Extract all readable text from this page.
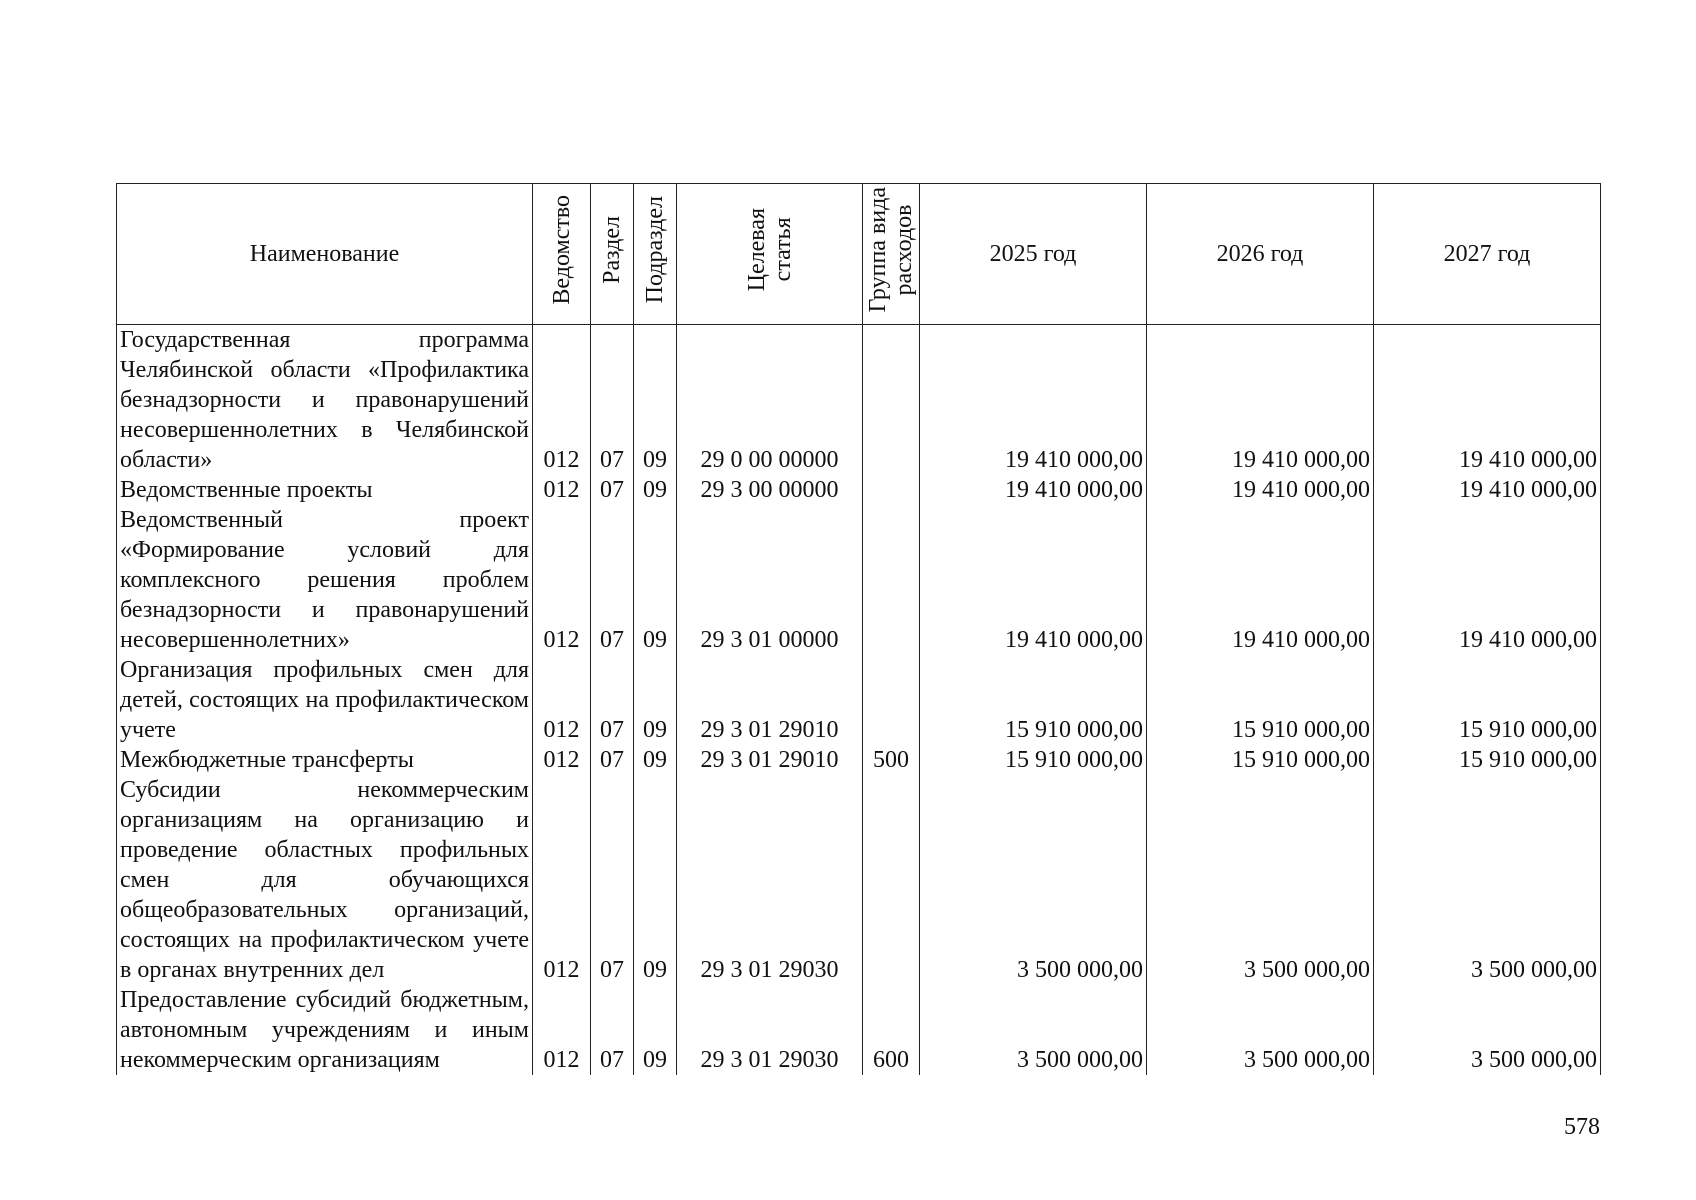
Наименование	Ведомство	Раздел	Подраздел	Целевая статья	Группа вида расходов	2025 год	2026 год	2027 год
Государственная программа Челябинской области «Профилактика безнадзорности и правонарушений несовершеннолетних в Челябинской области»	012	07	09	29 0 00 00000		19 410 000,00	19 410 000,00	19 410 000,00
Ведомственные проекты	012	07	09	29 3 00 00000		19 410 000,00	19 410 000,00	19 410 000,00
Ведомственный проект «Формирование условий для комплексного решения проблем безнадзорности и правонарушений несовершеннолетних»	012	07	09	29 3 01 00000		19 410 000,00	19 410 000,00	19 410 000,00
Организация профильных смен для детей, состоящих на профилактическом учете	012	07	09	29 3 01 29010		15 910 000,00	15 910 000,00	15 910 000,00
Межбюджетные трансферты	012	07	09	29 3 01 29010	500	15 910 000,00	15 910 000,00	15 910 000,00
Субсидии некоммерческим организациям на организацию и проведение областных профильных смен для обучающихся общеобразовательных организаций, состоящих на профилактическом учете в органах внутренних дел	012	07	09	29 3 01 29030		3 500 000,00	3 500 000,00	3 500 000,00
Предоставление субсидий бюджетным, автономным учреждениям и иным некоммерческим организациям	012	07	09	29 3 01 29030	600	3 500 000,00	3 500 000,00	3 500 000,00
578
